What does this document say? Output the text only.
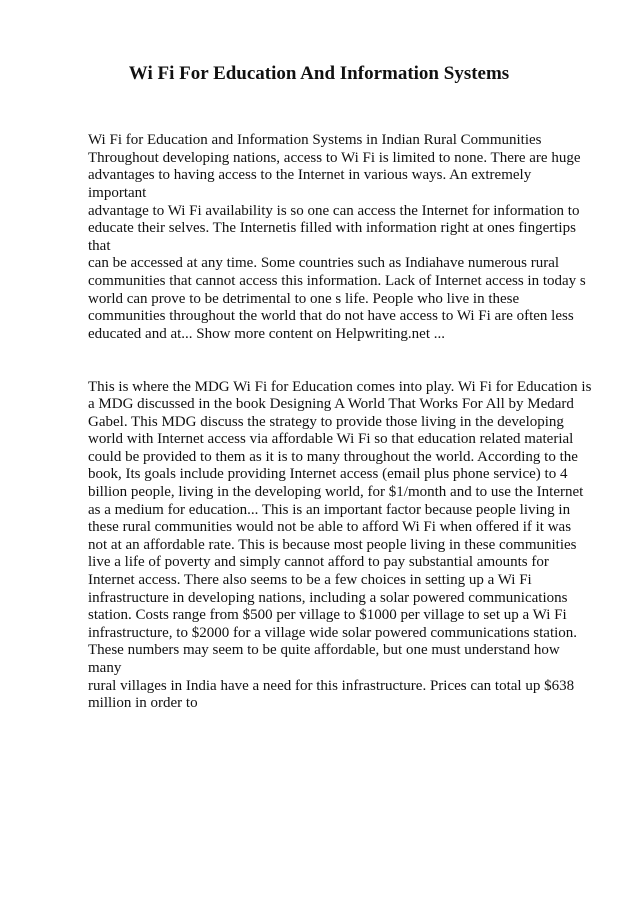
Wi Fi For Education And Information Systems

Wi Fi for Education and Information Systems in Indian Rural Communities
Throughout developing nations, access to Wi Fi is limited to none. There are huge
advantages to having access to the Internet in various ways. An extremely important
advantage to Wi Fi availability is so one can access the Internet for information to
educate their selves. The Internetis filled with information right at ones fingertips that
can be accessed at any time. Some countries such as Indiahave numerous rural
communities that cannot access this information. Lack of Internet access in today s
world can prove to be detrimental to one s life. People who live in these
communities throughout the world that do not have access to Wi Fi are often less
educated and at... Show more content on Helpwriting.net ...

This is where the MDG Wi Fi for Education comes into play. Wi Fi for Education is
a MDG discussed in the book Designing A World That Works For All by Medard
Gabel. This MDG discuss the strategy to provide those living in the developing
world with Internet access via affordable Wi Fi so that education related material
could be provided to them as it is to many throughout the world. According to the
book, Its goals include providing Internet access (email plus phone service) to 4
billion people, living in the developing world, for $1/month and to use the Internet
as a medium for education... This is an important factor because people living in
these rural communities would not be able to afford Wi Fi when offered if it was
not at an affordable rate. This is because most people living in these communities
live a life of poverty and simply cannot afford to pay substantial amounts for
Internet access. There also seems to be a few choices in setting up a Wi Fi
infrastructure in developing nations, including a solar powered communications
station. Costs range from $500 per village to $1000 per village to set up a Wi Fi
infrastructure, to $2000 for a village wide solar powered communications station.
These numbers may seem to be quite affordable, but one must understand how many
rural villages in India have a need for this infrastructure. Prices can total up $638
million in order to
